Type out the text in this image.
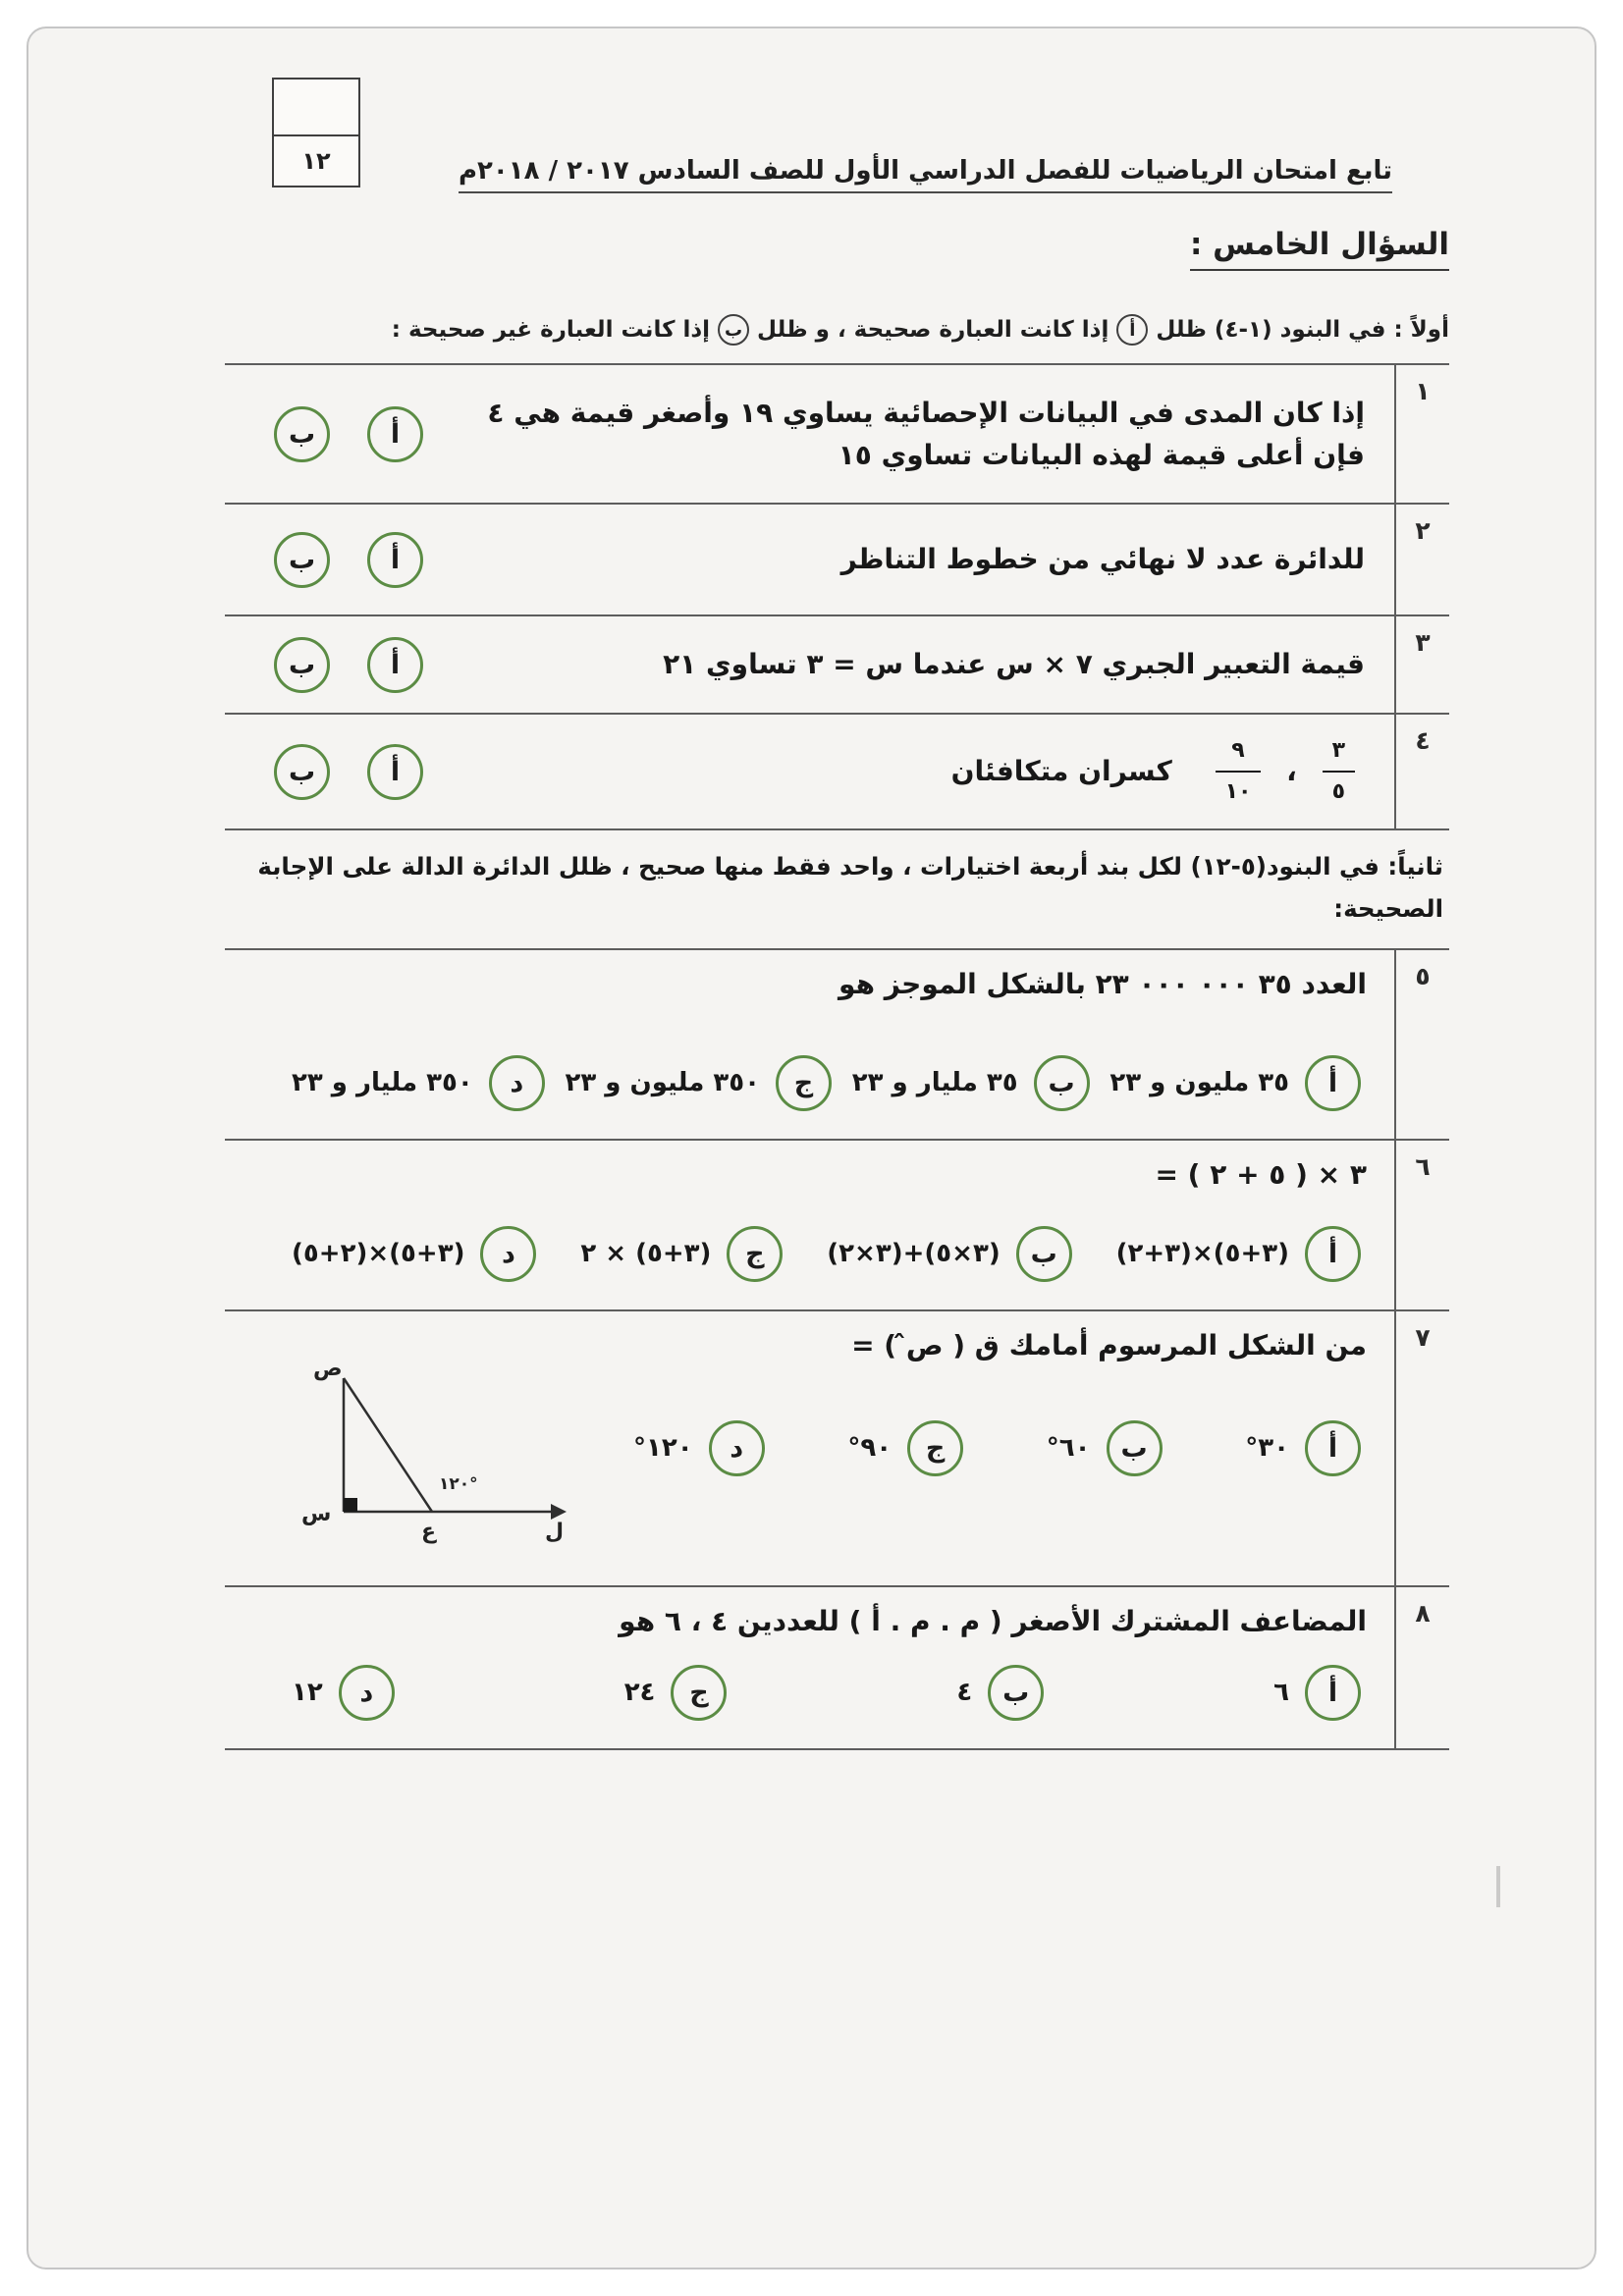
تابع امتحان الرياضيات للفصل الدراسي الأول للصف السادس ٢٠١٧ / ٢٠١٨م
السؤال الخامس :
١٢
أولاً : في البنود (١-٤) ظلل
أ
إذا كانت العبارة صحيحة ، و ظلل
ب
إذا كانت العبارة غير صحيحة :
١
إذا كان المدى في البيانات الإحصائية يساوي ١٩ وأصغر قيمة هي ٤ فإن أعلى قيمة لهذه البيانات تساوي ١٥
أ
ب
٢
للدائرة عدد لا نهائي من خطوط التناظر
أ
ب
٣
قيمة التعبير الجبري ٧ × س عندما س = ٣ تساوي ٢١
أ
ب
٤
$\frac{٣}{٥}$
،
$\frac{٩}{١٠}$
كسران متكافئان
أ
ب
ثانياً: في البنود(٥-١٢) لكل بند أربعة اختيارات ، واحد فقط منها صحيح ، ظلل الدائرة الدالة على الإجابة الصحيحة:
٥
العدد ٣٥ ٠٠٠ ٠٠٠ ٢٣ بالشكل الموجز هو
أ
٣٥ مليون و ٢٣
ب
٣٥ مليار و ٢٣
ج
٣٥٠ مليون و ٢٣
د
٣٥٠ مليار و ٢٣
٦
٣ × ( ٥ + ٢ ) =
أ
(٣+٥)×(٣+٢)
ب
(٣×٥)+(٣×٢)
ج
(٣+٥) × ٢
د
(٣+٥)×(٢+٥)
٧
من الشكل المرسوم أمامك ق ( ص̂ ) =
أ
٣٠°
ب
٦٠°
ج
٩٠°
د
١٢٠°
ص
س
ع	ل
١٢٠°
٨
المضاعف المشترك الأصغر ( م . م . أ ) للعددين ٤ ، ٦ هو
أ
٦
ب
٤
ج
٢٤
د
١٢
